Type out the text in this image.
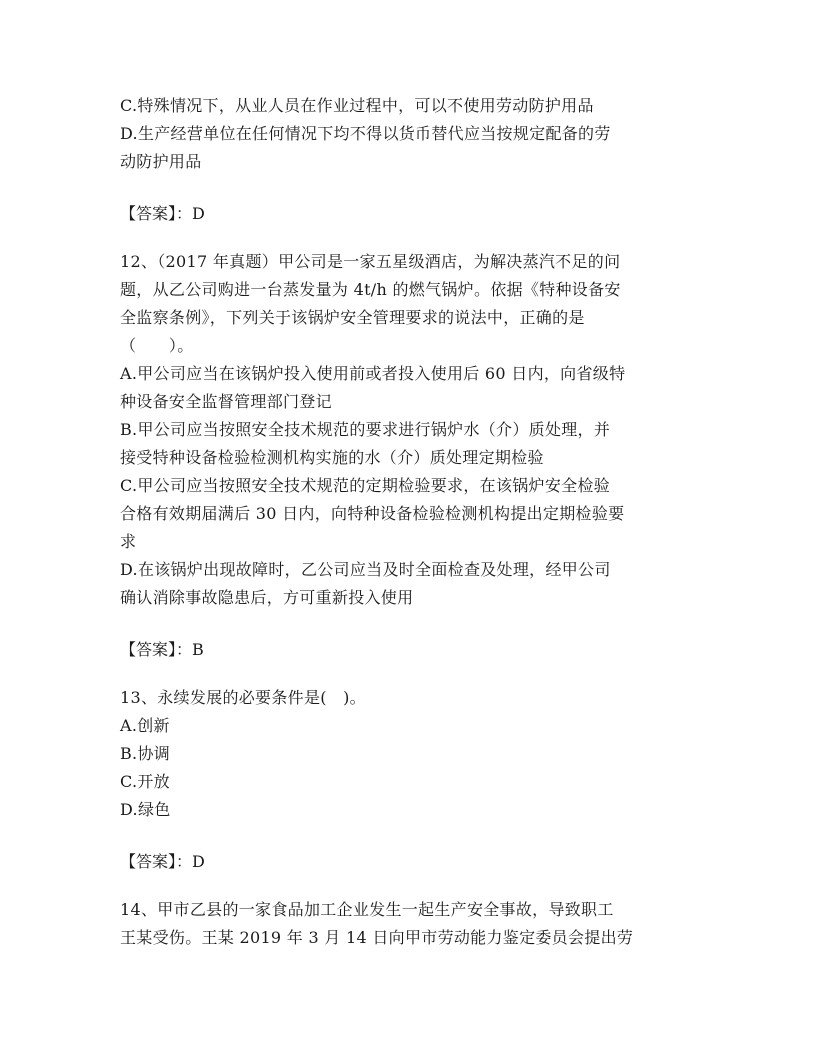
C.特殊情况下，从业人员在作业过程中，可以不使用劳动防护用品
D.生产经营单位在任何情况下均不得以货币替代应当按规定配备的劳
动防护用品
【答案】：D
12、（2017 年真题）甲公司是一家五星级酒店，为解决蒸汽不足的问
题，从乙公司购进一台蒸发量为 4t/h 的燃气锅炉。依据《特种设备安
全监察条例》，下列关于该锅炉安全管理要求的说法中，正确的是
（　　）。
A.甲公司应当在该锅炉投入使用前或者投入使用后 60 日内，向省级特
种设备安全监督管理部门登记
B.甲公司应当按照安全技术规范的要求进行锅炉水（介）质处理，并
接受特种设备检验检测机构实施的水（介）质处理定期检验
C.甲公司应当按照安全技术规范的定期检验要求，在该锅炉安全检验
合格有效期届满后 30 日内，向特种设备检验检测机构提出定期检验要
求
D.在该锅炉出现故障时，乙公司应当及时全面检查及处理，经甲公司
确认消除事故隐患后，方可重新投入使用
【答案】：B
13、永续发展的必要条件是(　)。
A.创新
B.协调
C.开放
D.绿色
【答案】：D
14、甲市乙县的一家食品加工企业发生一起生产安全事故，导致职工
王某受伤。王某 2019 年 3 月 14 日向甲市劳动能力鉴定委员会提出劳
